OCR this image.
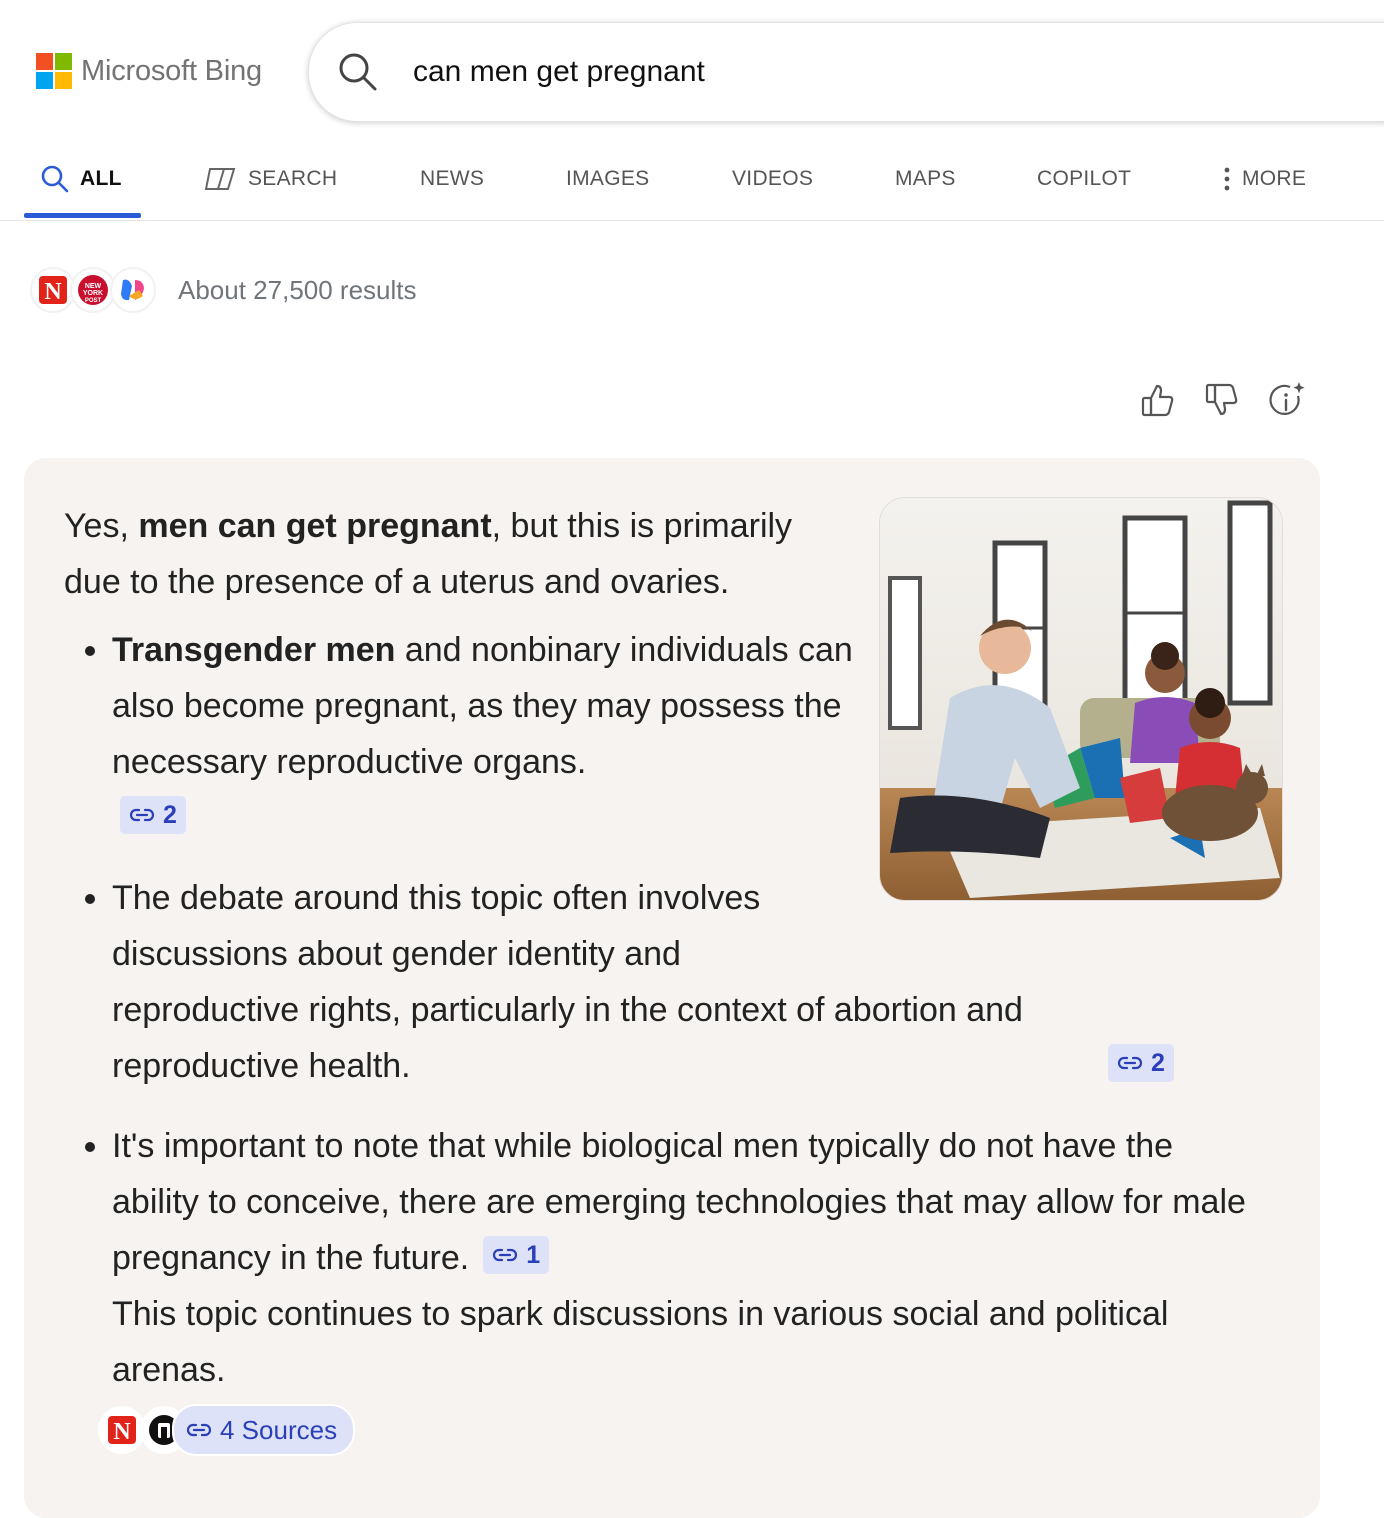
Microsoft Bing
can men get pregnant
ALL	SEARCH	NEWS	IMAGES	VIDEOS	MAPS	COPILOT	MORE
N	NEW
YORK
POST	About 27,500 results

Yes, men can get pregnant, but this is primarily due to the presence of a uterus and ovaries.

• Transgender men and nonbinary individuals can also become pregnant, as they may possess the necessary reproductive organs.

2
• The debate around this topic often involves discussions about gender identity and
reproductive rights, particularly in the context of abortion and reproductive health.	2
• It's important to note that while biological men typically do not have the ability to conceive, there are emerging technologies that may allow for male pregnancy in the future. 1

This topic continues to spark discussions in various social and political arenas.
N	4 Sources
